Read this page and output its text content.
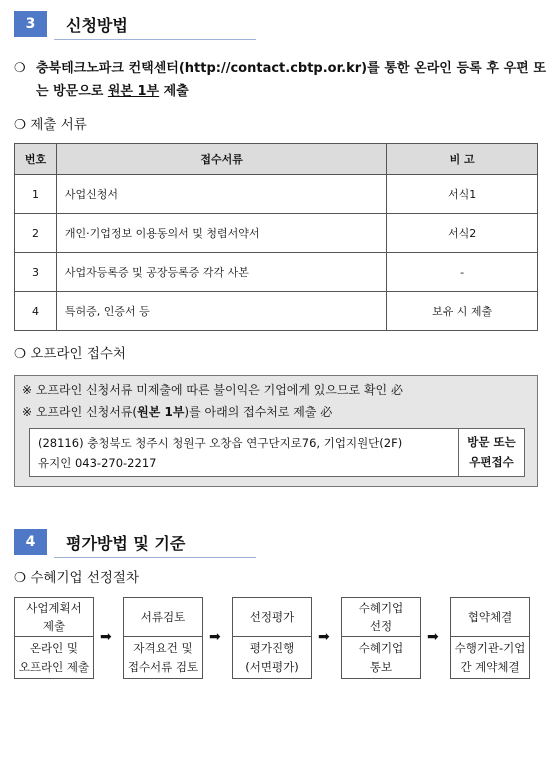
3	신청방법
❍ 충북테크노파크 컨택센터(http://contact.cbtp.or.kr)를 통한 온라인 등록 후 우편 또는 방문으로 원본 1부 제출
❍ 제출 서류
번호	접수서류	비 고
1	사업신청서	서식1
2	개인·기업정보 이용동의서 및 청렴서약서	서식2
3	사업자등록증 및 공장등록증 각각 사본	-
4	특허증, 인증서 등	보유 시 제출
❍ 오프라인 접수처
※ 오프라인 신청서류 미제출에 따른 불이익은 기업에게 있으므로 확인 必
※ 오프라인 신청서류(원본 1부)를 아래의 접수처로 제출 必
(28116) 충청북도 청주시 청원구 오창읍 연구단지로76, 기업지원단(2F)
유지인 043-270-2217
방문 또는
우편접수
4	평가방법 및 기준
❍ 수혜기업 선정절차
사업계획서
제출
온라인 및
오프라인 제출
➡
서류검토
자격요건 및
접수서류 검토
➡
선정평가
평가진행
(서면평가)
➡
수혜기업
선정
수혜기업
통보
➡
협약체결
수행기관-기업
간 계약체결
